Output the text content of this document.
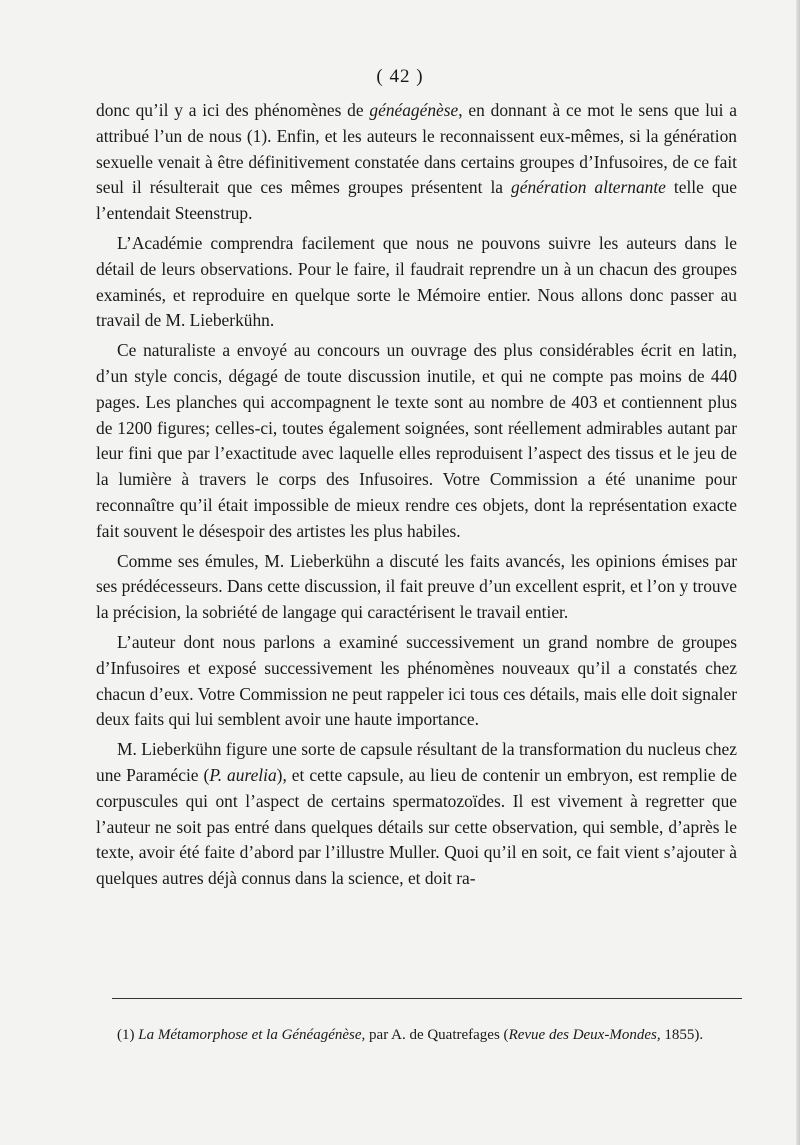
( 42 )

donc qu’il y a ici des phénomènes de généagénèse, en donnant à ce mot le sens que lui a attribué l’un de nous (1). Enfin, et les auteurs le reconnaissent eux-mêmes, si la génération sexuelle venait à être définitivement constatée dans certains groupes d’Infusoires, de ce fait seul il résulterait que ces mêmes groupes présentent la génération alternante telle que l’entendait Steenstrup.

L’Académie comprendra facilement que nous ne pouvons suivre les auteurs dans le détail de leurs observations. Pour le faire, il faudrait reprendre un à un chacun des groupes examinés, et reproduire en quelque sorte le Mémoire entier. Nous allons donc passer au travail de M. Lieberkühn.

Ce naturaliste a envoyé au concours un ouvrage des plus considérables écrit en latin, d’un style concis, dégagé de toute discussion inutile, et qui ne compte pas moins de 440 pages. Les planches qui accompagnent le texte sont au nombre de 403 et contiennent plus de 1200 figures; celles-ci, toutes également soignées, sont réellement admirables autant par leur fini que par l’exactitude avec laquelle elles reproduisent l’aspect des tissus et le jeu de la lumière à travers le corps des Infusoires. Votre Commission a été unanime pour reconnaître qu’il était impossible de mieux rendre ces objets, dont la représentation exacte fait souvent le désespoir des artistes les plus habiles.

Comme ses émules, M. Lieberkühn a discuté les faits avancés, les opinions émises par ses prédécesseurs. Dans cette discussion, il fait preuve d’un excellent esprit, et l’on y trouve la précision, la sobriété de langage qui caractérisent le travail entier.

L’auteur dont nous parlons a examiné successivement un grand nombre de groupes d’Infusoires et exposé successivement les phénomènes nouveaux qu’il a constatés chez chacun d’eux. Votre Commission ne peut rappeler ici tous ces détails, mais elle doit signaler deux faits qui lui semblent avoir une haute importance.

M. Lieberkühn figure une sorte de capsule résultant de la transformation du nucleus chez une Paramécie (P. aurelia), et cette capsule, au lieu de contenir un embryon, est remplie de corpuscules qui ont l’aspect de certains spermatozoïdes. Il est vivement à regretter que l’auteur ne soit pas entré dans quelques détails sur cette observation, qui semble, d’après le texte, avoir été faite d’abord par l’illustre Muller. Quoi qu’il en soit, ce fait vient s’ajouter à quelques autres déjà connus dans la science, et doit ra-

(1) La Métamorphose et la Généagénèse, par A. de Quatrefages (Revue des Deux-Mondes, 1855).
